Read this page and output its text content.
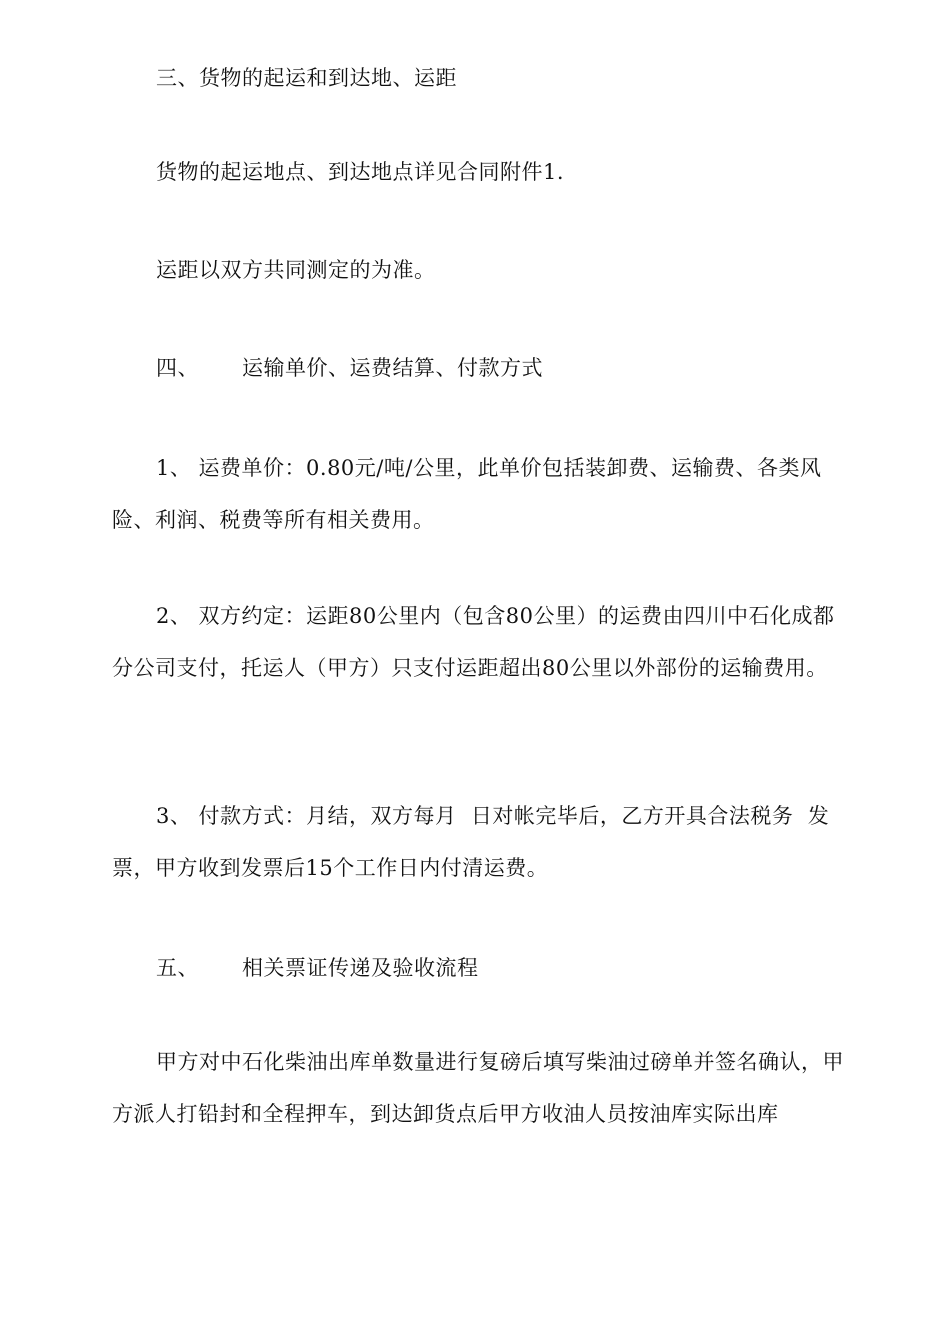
三、货物的起运和到达地、运距

货物的起运地点、到达地点详见合同附件1.

运距以双方共同测定的为准。

四、      运输单价、运费结算、付款方式

1、 运费单价：0.80元/吨/公里，此单价包括装卸费、运输费、各类风险、利润、税费等所有相关费用。

2、 双方约定：运距80公里内（包含80公里）的运费由四川中石化成都  分公司支付，托运人（甲方）只支付运距超出80公里以外部份的运输费用。

3、 付款方式：月结，双方每月  日对帐完毕后，乙方开具合法税务  发票，甲方收到发票后15个工作日内付清运费。

五、      相关票证传递及验收流程

甲方对中石化柴油出库单数量进行复磅后填写柴油过磅单并签名确认，甲方派人打铅封和全程押车，到达卸货点后甲方收油人员按油库实际出库
